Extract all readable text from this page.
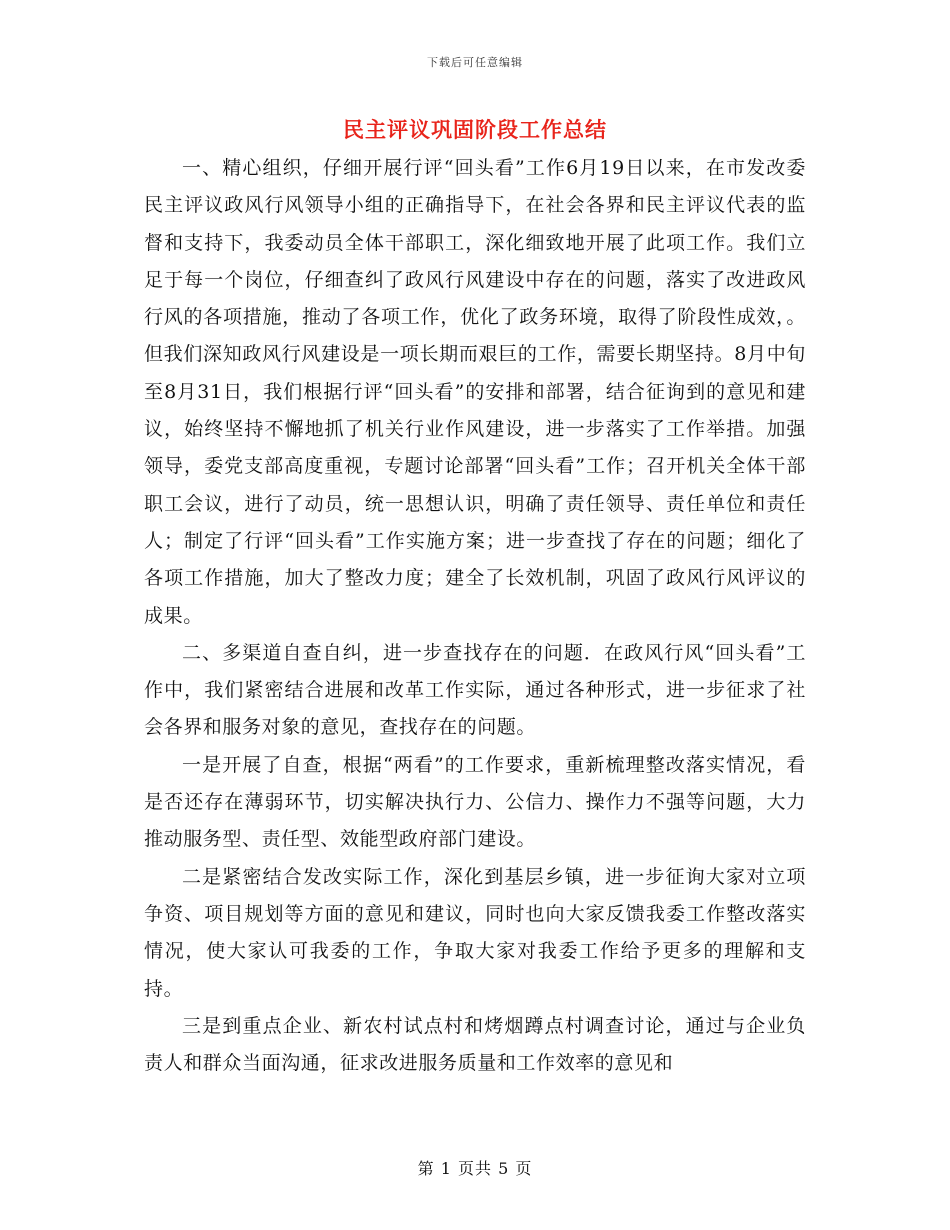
下载后可任意编辑
民主评议巩固阶段工作总结

一、精心组织，仔细开展行评“回头看”工作6月19日以来，在市发改委民主评议政风行风领导小组的正确指导下，在社会各界和民主评议代表的监督和支持下，我委动员全体干部职工，深化细致地开展了此项工作。我们立足于每一个岗位，仔细查纠了政风行风建设中存在的问题，落实了改进政风行风的各项措施，推动了各项工作，优化了政务环境，取得了阶段性成效，。但我们深知政风行风建设是一项长期而艰巨的工作，需要长期坚持。8月中旬至8月31日，我们根据行评“回头看”的安排和部署，结合征询到的意见和建议，始终坚持不懈地抓了机关行业作风建设，进一步落实了工作举措。加强领导，委党支部高度重视，专题讨论部署“回头看”工作；召开机关全体干部职工会议，进行了动员，统一思想认识，明确了责任领导、责任单位和责任人；制定了行评“回头看”工作实施方案；进一步查找了存在的问题；细化了各项工作措施，加大了整改力度；建全了长效机制，巩固了政风行风评议的成果。

二、多渠道自查自纠，进一步查找存在的问题．在政风行风“回头看”工作中，我们紧密结合进展和改革工作实际，通过各种形式，进一步征求了社会各界和服务对象的意见，查找存在的问题。

一是开展了自查，根据“两看”的工作要求，重新梳理整改落实情况，看是否还存在薄弱环节，切实解决执行力、公信力、操作力不强等问题，大力推动服务型、责任型、效能型政府部门建设。

二是紧密结合发改实际工作，深化到基层乡镇，进一步征询大家对立项争资、项目规划等方面的意见和建议，同时也向大家反馈我委工作整改落实情况，使大家认可我委的工作，争取大家对我委工作给予更多的理解和支持。

三是到重点企业、新农村试点村和烤烟蹲点村调查讨论，通过与企业负责人和群众当面沟通，征求改进服务质量和工作效率的意见和

第 1 页共 5 页
